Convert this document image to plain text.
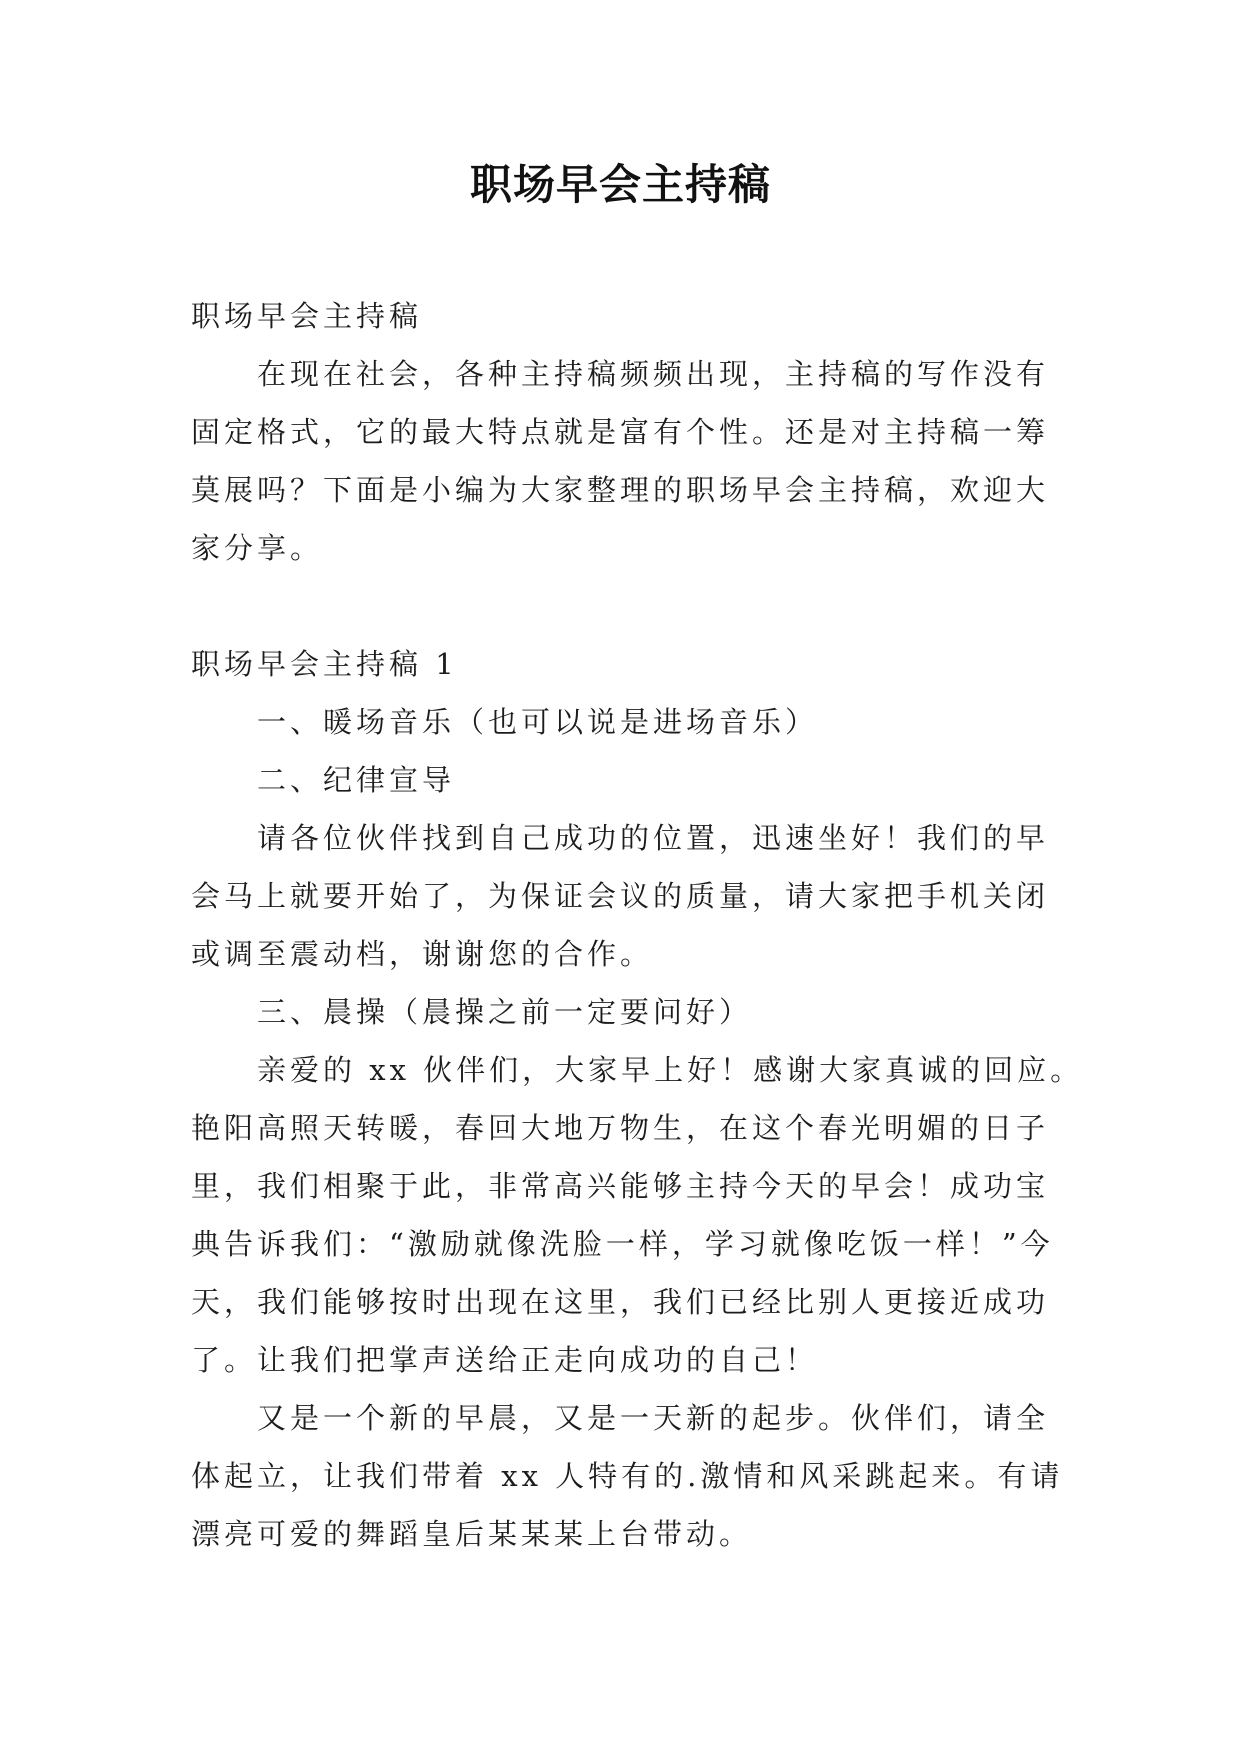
职场早会主持稿
职场早会主持稿
在现在社会，各种主持稿频频出现，主持稿的写作没有
固定格式，它的最大特点就是富有个性。还是对主持稿一筹
莫展吗？下面是小编为大家整理的职场早会主持稿，欢迎大
家分享。
职场早会主持稿 1
一、暖场音乐（也可以说是进场音乐）
二、纪律宣导
请各位伙伴找到自己成功的位置，迅速坐好！我们的早
会马上就要开始了，为保证会议的质量，请大家把手机关闭
或调至震动档，谢谢您的合作。
三、晨操（晨操之前一定要问好）
亲爱的 xx 伙伴们，大家早上好！感谢大家真诚的回应。
艳阳高照天转暖，春回大地万物生，在这个春光明媚的日子
里，我们相聚于此，非常高兴能够主持今天的早会！成功宝
典告诉我们：“激励就像洗脸一样，学习就像吃饭一样！”今
天，我们能够按时出现在这里，我们已经比别人更接近成功
了。让我们把掌声送给正走向成功的自己！
又是一个新的早晨，又是一天新的起步。伙伴们，请全
体起立，让我们带着 xx 人特有的.激情和风采跳起来。有请
漂亮可爱的舞蹈皇后某某某上台带动。
